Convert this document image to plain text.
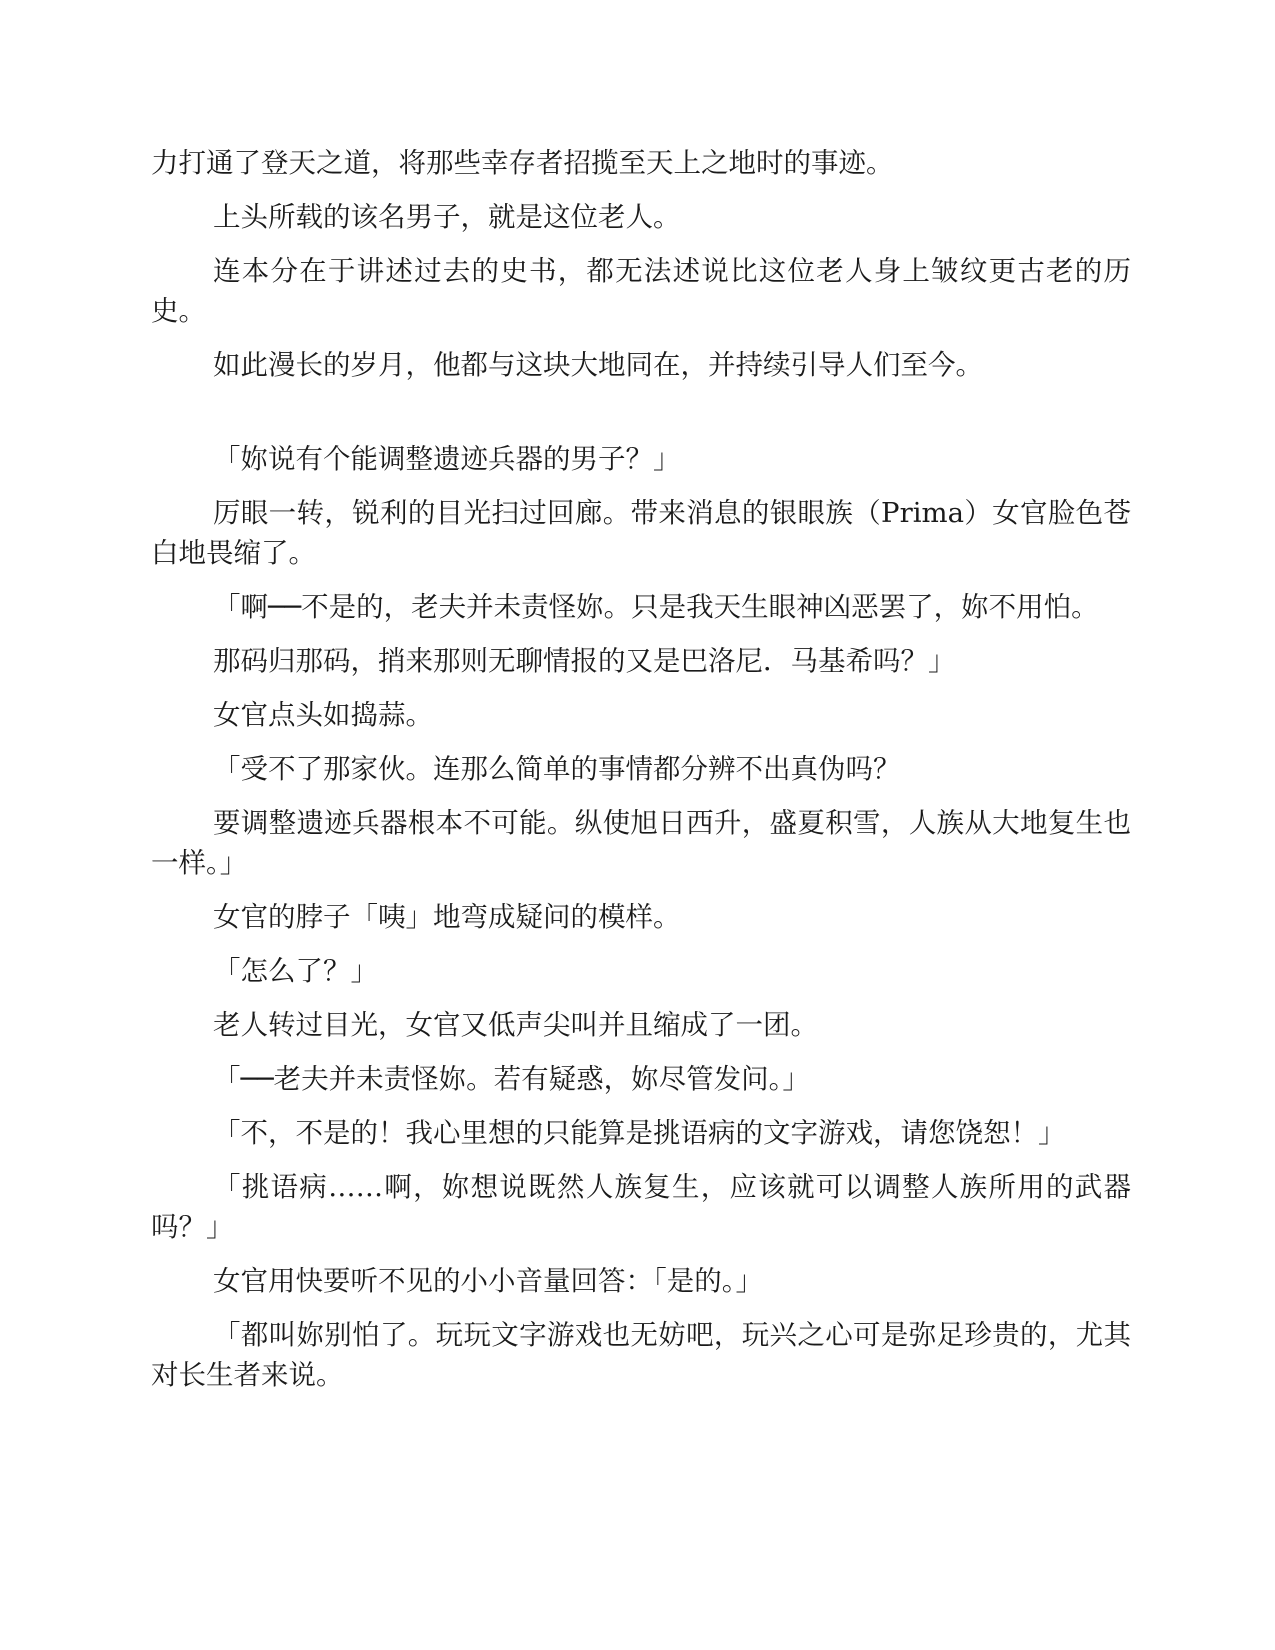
力打通了登天之道，将那些幸存者招揽至天上之地时的事迹。

上头所载的该名男子，就是这位老人。

连本分在于讲述过去的史书，都无法述说比这位老人身上皱纹更古老的历史。

如此漫长的岁月，他都与这块大地同在，并持续引导人们至今。

「妳说有个能调整遗迹兵器的男子？」

厉眼一转，锐利的目光扫过回廊。带来消息的银眼族（Prima）女官脸色苍白地畏缩了。

「啊──不是的，老夫并未责怪妳。只是我天生眼神凶恶罢了，妳不用怕。

那码归那码，捎来那则无聊情报的又是巴洛尼．马基希吗？」

女官点头如捣蒜。

「受不了那家伙。连那么简单的事情都分辨不出真伪吗？

要调整遗迹兵器根本不可能。纵使旭日西升，盛夏积雪，人族从大地复生也一样。」

女官的脖子「咦」地弯成疑问的模样。

「怎么了？」

老人转过目光，女官又低声尖叫并且缩成了一团。

「──老夫并未责怪妳。若有疑惑，妳尽管发问。」

「不，不是的！我心里想的只能算是挑语病的文字游戏，请您饶恕！」

「挑语病……啊，妳想说既然人族复生，应该就可以调整人族所用的武器吗？」

女官用快要听不见的小小音量回答：「是的。」

「都叫妳别怕了。玩玩文字游戏也无妨吧，玩兴之心可是弥足珍贵的，尤其对长生者来说。
